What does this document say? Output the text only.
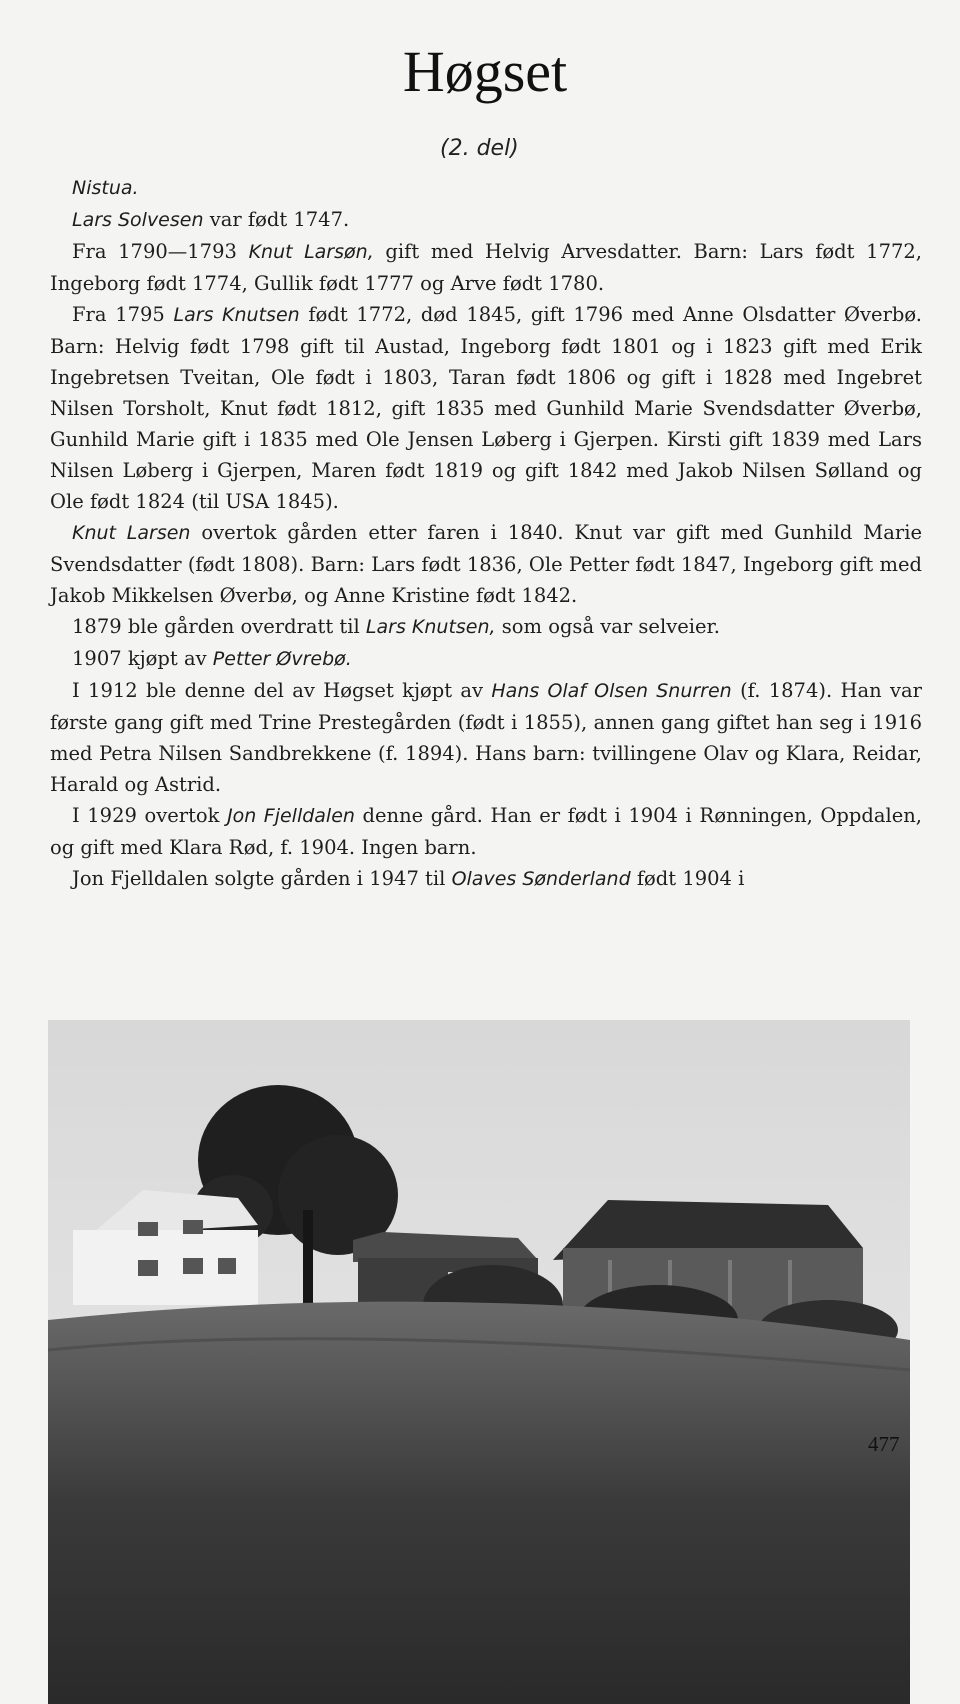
Høgset

(2. del)

Nistua.

Lars Solvesen var født 1747.

Fra 1790—1793 Knut Larsøn, gift med Helvig Arvesdatter. Barn: Lars født 1772, Ingeborg født 1774, Gullik født 1777 og Arve født 1780.

Fra 1795 Lars Knutsen født 1772, død 1845, gift 1796 med Anne Olsdatter Øverbø. Barn: Helvig født 1798 gift til Austad, Ingeborg født 1801 og i 1823 gift med Erik Ingebretsen Tveitan, Ole født i 1803, Taran født 1806 og gift i 1828 med Ingebret Nilsen Torsholt, Knut født 1812, gift 1835 med Gunhild Marie Svendsdatter Øverbø, Gunhild Marie gift i 1835 med Ole Jensen Løberg i Gjerpen. Kirsti gift 1839 med Lars Nilsen Løberg i Gjerpen, Maren født 1819 og gift 1842 med Jakob Nilsen Sølland og Ole født 1824 (til USA 1845).

Knut Larsen overtok gården etter faren i 1840. Knut var gift med Gunhild Marie Svendsdatter (født 1808). Barn: Lars født 1836, Ole Petter født 1847, Ingeborg gift med Jakob Mikkelsen Øverbø, og Anne Kristine født 1842.

1879 ble gården overdratt til Lars Knutsen, som også var selveier.

1907 kjøpt av Petter Øvrebø.

I 1912 ble denne del av Høgset kjøpt av Hans Olaf Olsen Snurren (f. 1874). Han var første gang gift med Trine Prestegården (født i 1855), annen gang giftet han seg i 1916 med Petra Nilsen Sandbrekkene (f. 1894). Hans barn: tvillingene Olav og Klara, Reidar, Harald og Astrid.

I 1929 overtok Jon Fjelldalen denne gård. Han er født i 1904 i Rønningen, Oppdalen, og gift med Klara Rød, f. 1904. Ingen barn.

Jon Fjelldalen solgte gården i 1947 til Olaves Sønderland født 1904 i

477
